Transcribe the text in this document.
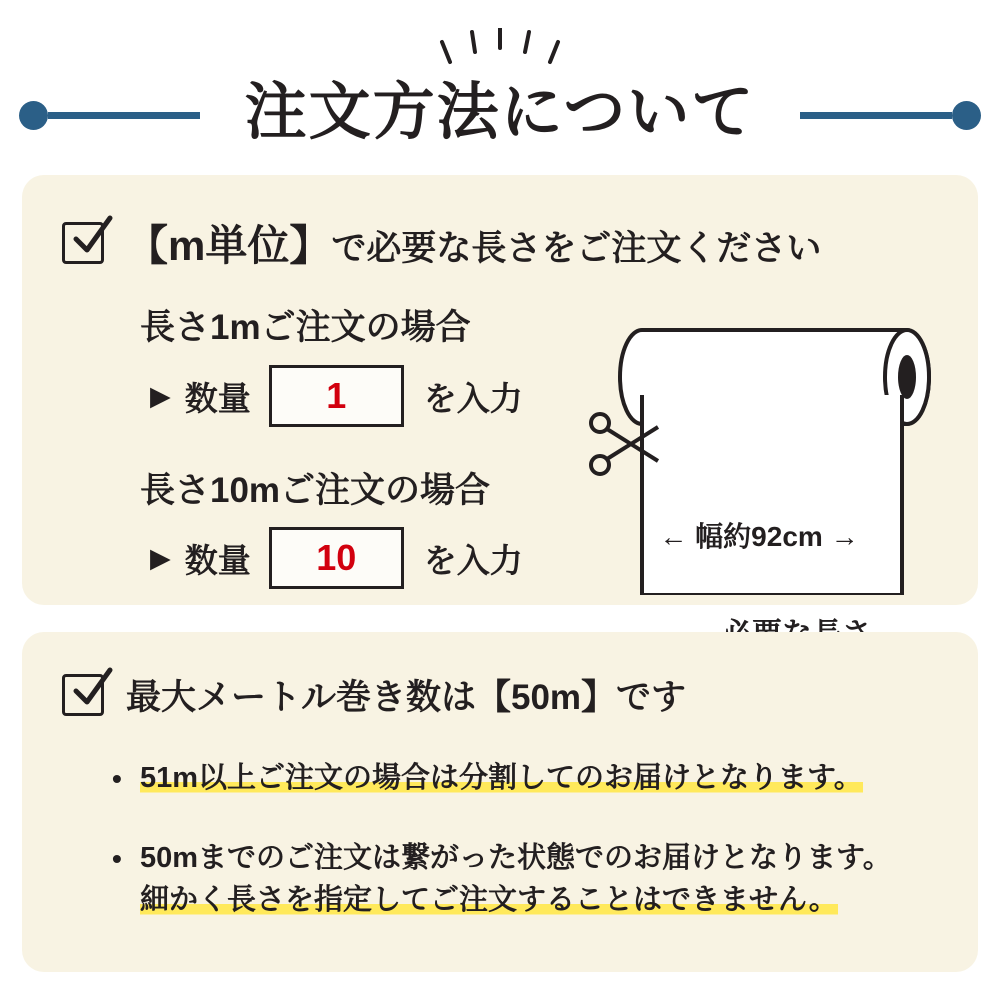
注文方法について
【m単位】で必要な長さをご注文ください
長さ1mご注文の場合
▶ 数量	1	を入力
長さ10mご注文の場合
▶ 数量	10	を入力
← 幅約92cm →
最大メートル巻き数は【50m】です
• 51m以上ご注文の場合は分割してのお届けとなります。
• 50mまでのご注文は繋がった状態でのお届けとなります。
細かく長さを指定してご注文することはできません。
